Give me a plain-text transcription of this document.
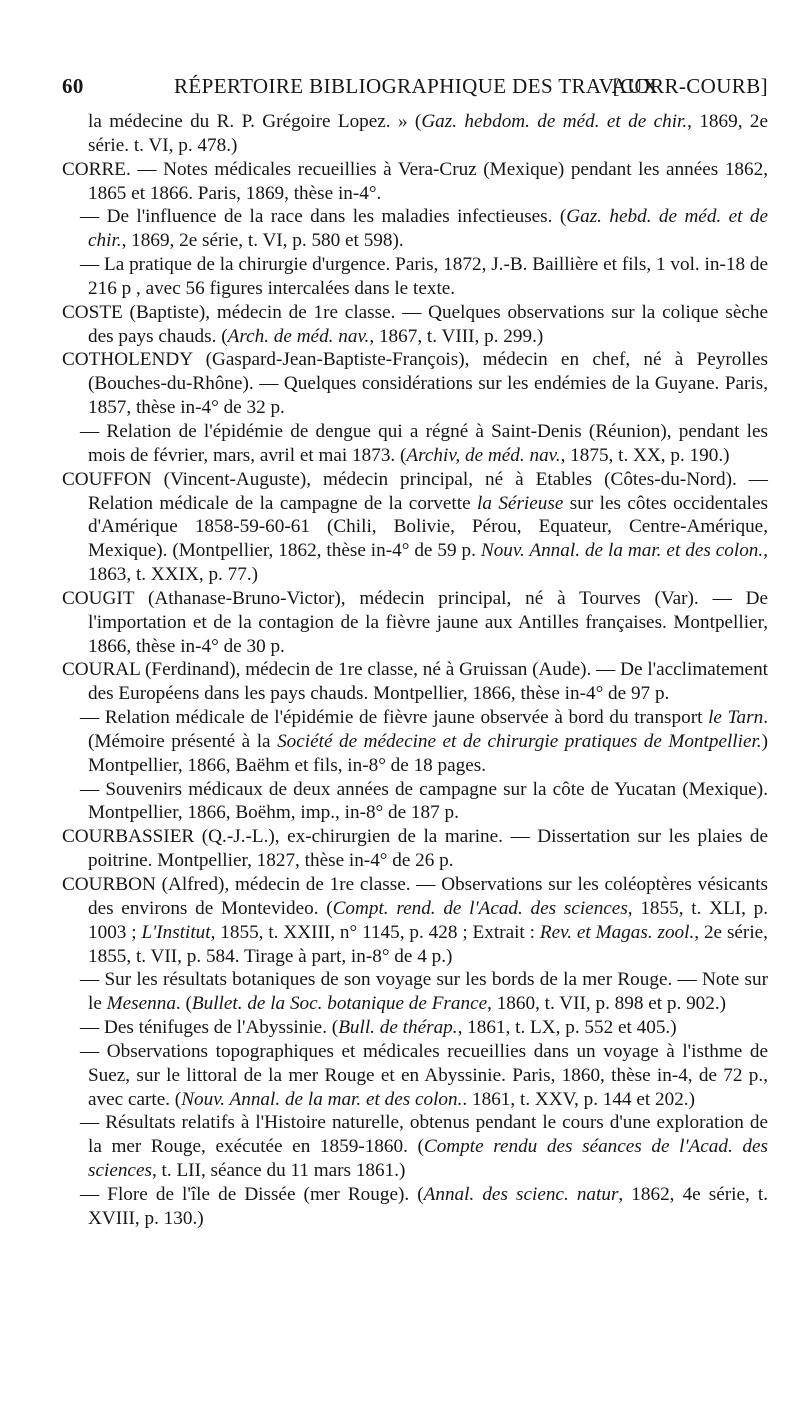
60	RÉPERTOIRE BIBLIOGRAPHIQUE DES TRAVAUX
[CORR-COURB]

la médecine du R. P. Grégoire Lopez. » (Gaz. hebdom. de méd. et de chir., 1869, 2e série. t. VI, p. 478.)

CORRE. — Notes médicales recueillies à Vera-Cruz (Mexique) pendant les années 1862, 1865 et 1866. Paris, 1869, thèse in-4°.

— De l'influence de la race dans les maladies infectieuses. (Gaz. hebd. de méd. et de chir., 1869, 2e série, t. VI, p. 580 et 598).

— La pratique de la chirurgie d'urgence. Paris, 1872, J.-B. Baillière et fils, 1 vol. in-18 de 216 p , avec 56 figures intercalées dans le texte.

COSTE (Baptiste), médecin de 1re classe. — Quelques observations sur la colique sèche des pays chauds. (Arch. de méd. nav., 1867, t. VIII, p. 299.)

COTHOLENDY (Gaspard-Jean-Baptiste-François), médecin en chef, né à Peyrolles (Bouches-du-Rhône). — Quelques considérations sur les endémies de la Guyane. Paris, 1857, thèse in-4° de 32 p.

— Relation de l'épidémie de dengue qui a régné à Saint-Denis (Réunion), pendant les mois de février, mars, avril et mai 1873. (Archiv, de méd. nav., 1875, t. XX, p. 190.)

COUFFON (Vincent-Auguste), médecin principal, né à Etables (Côtes-du-Nord). — Relation médicale de la campagne de la corvette la Sérieuse sur les côtes occidentales d'Amérique 1858-59-60-61 (Chili, Bolivie, Pérou, Equateur, Centre-Amérique, Mexique). (Montpellier, 1862, thèse in-4° de 59 p. Nouv. Annal. de la mar. et des colon., 1863, t. XXIX, p. 77.)

COUGIT (Athanase-Bruno-Victor), médecin principal, né à Tourves (Var). — De l'importation et de la contagion de la fièvre jaune aux Antilles françaises. Montpellier, 1866, thèse in-4° de 30 p.

COURAL (Ferdinand), médecin de 1re classe, né à Gruissan (Aude). — De l'acclimatement des Européens dans les pays chauds. Montpellier, 1866, thèse in-4° de 97 p.

— Relation médicale de l'épidémie de fièvre jaune observée à bord du transport le Tarn. (Mémoire présenté à la Société de médecine et de chirurgie pratiques de Montpellier.) Montpellier, 1866, Baëhm et fils, in-8° de 18 pages.

— Souvenirs médicaux de deux années de campagne sur la côte de Yucatan (Mexique). Montpellier, 1866, Boëhm, imp., in-8° de 187 p.

COURBASSIER (Q.-J.-L.), ex-chirurgien de la marine. — Dissertation sur les plaies de poitrine. Montpellier, 1827, thèse in-4° de 26 p.

COURBON (Alfred), médecin de 1re classe. — Observations sur les coléoptères vésicants des environs de Montevideo. (Compt. rend. de l'Acad. des sciences, 1855, t. XLI, p. 1003 ; L'Institut, 1855, t. XXIII, n° 1145, p. 428 ; Extrait : Rev. et Magas. zool., 2e série, 1855, t. VII, p. 584. Tirage à part, in-8° de 4 p.)

— Sur les résultats botaniques de son voyage sur les bords de la mer Rouge. — Note sur le Mesenna. (Bullet. de la Soc. botanique de France, 1860, t. VII, p. 898 et p. 902.)

— Des ténifuges de l'Abyssinie. (Bull. de thérap., 1861, t. LX, p. 552 et 405.)

— Observations topographiques et médicales recueillies dans un voyage à l'isthme de Suez, sur le littoral de la mer Rouge et en Abyssinie. Paris, 1860, thèse in-4, de 72 p., avec carte. (Nouv. Annal. de la mar. et des colon.. 1861, t. XXV, p. 144 et 202.)

— Résultats relatifs à l'Histoire naturelle, obtenus pendant le cours d'une exploration de la mer Rouge, exécutée en 1859-1860. (Compte rendu des séances de l'Acad. des sciences, t. LII, séance du 11 mars 1861.)

— Flore de l'île de Dissée (mer Rouge). (Annal. des scienc. natur, 1862, 4e série, t. XVIII, p. 130.)
